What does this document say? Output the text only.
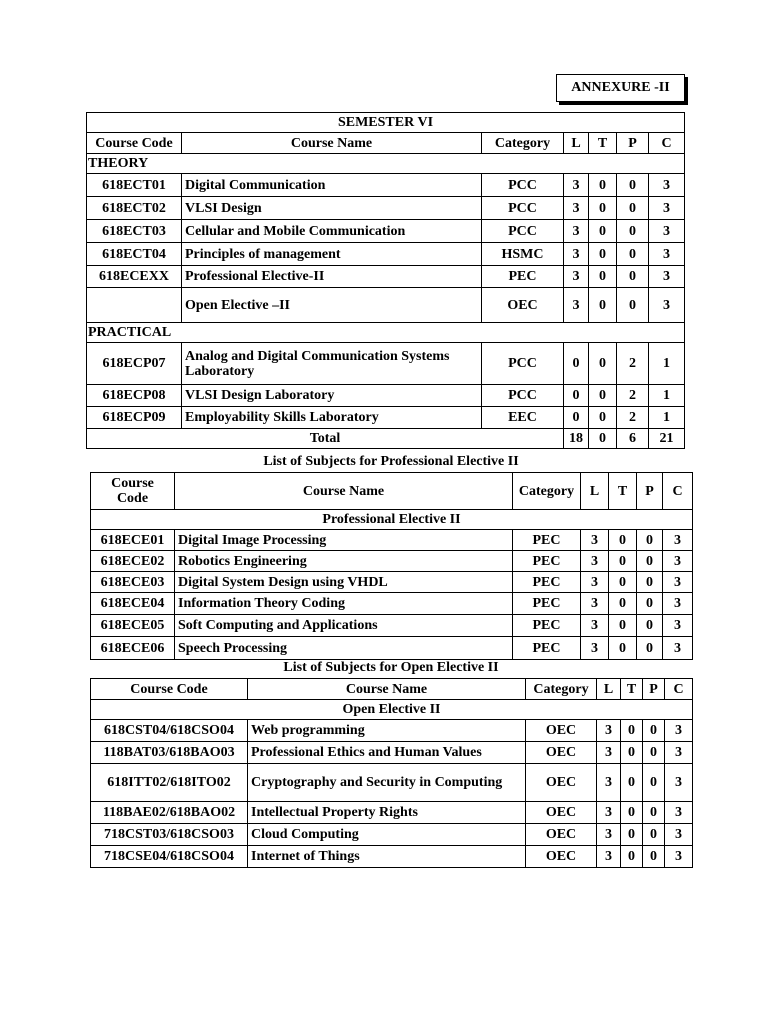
ANNEXURE -II
SEMESTER VI						
Course Code	Course Name	Category	L	T	P	C
THEORY						
618ECT01	Digital Communication	PCC	3	0	0	3
618ECT02	VLSI Design	PCC	3	0	0	3
618ECT03	Cellular and Mobile Communication	PCC	3	0	0	3
618ECT04	Principles of management	HSMC	3	0	0	3
618ECEXX	Professional Elective-II	PEC	3	0	0	3
	Open Elective –II	OEC	3	0	0	3
PRACTICAL						
618ECP07	Analog and Digital Communication Systems Laboratory	PCC	0	0	2	1
618ECP08	VLSI Design Laboratory	PCC	0	0	2	1
618ECP09	Employability Skills Laboratory	EEC	0	0	2	1
Total			18	0	6	21
List of Subjects for Professional Elective II
Course Code	Course Name	Category	L	T	P	C
Professional Elective II						
618ECE01	Digital Image Processing	PEC	3	0	0	3
618ECE02	Robotics Engineering	PEC	3	0	0	3
618ECE03	Digital System Design using VHDL	PEC	3	0	0	3
618ECE04	Information Theory Coding	PEC	3	0	0	3
618ECE05	Soft Computing and Applications	PEC	3	0	0	3
618ECE06	Speech Processing	PEC	3	0	0	3
List of Subjects for Open Elective II
Course Code	Course Name	Category	L	T	P	C
Open Elective II						
618CST04/618CSO04	Web programming	OEC	3	0	0	3
118BAT03/618BAO03	Professional Ethics and Human Values	OEC	3	0	0	3
618ITT02/618ITO02	Cryptography and Security in Computing	OEC	3	0	0	3
118BAE02/618BAO02	Intellectual Property Rights	OEC	3	0	0	3
718CST03/618CSO03	Cloud Computing	OEC	3	0	0	3
718CSE04/618CSO04	Internet of Things	OEC	3	0	0	3
